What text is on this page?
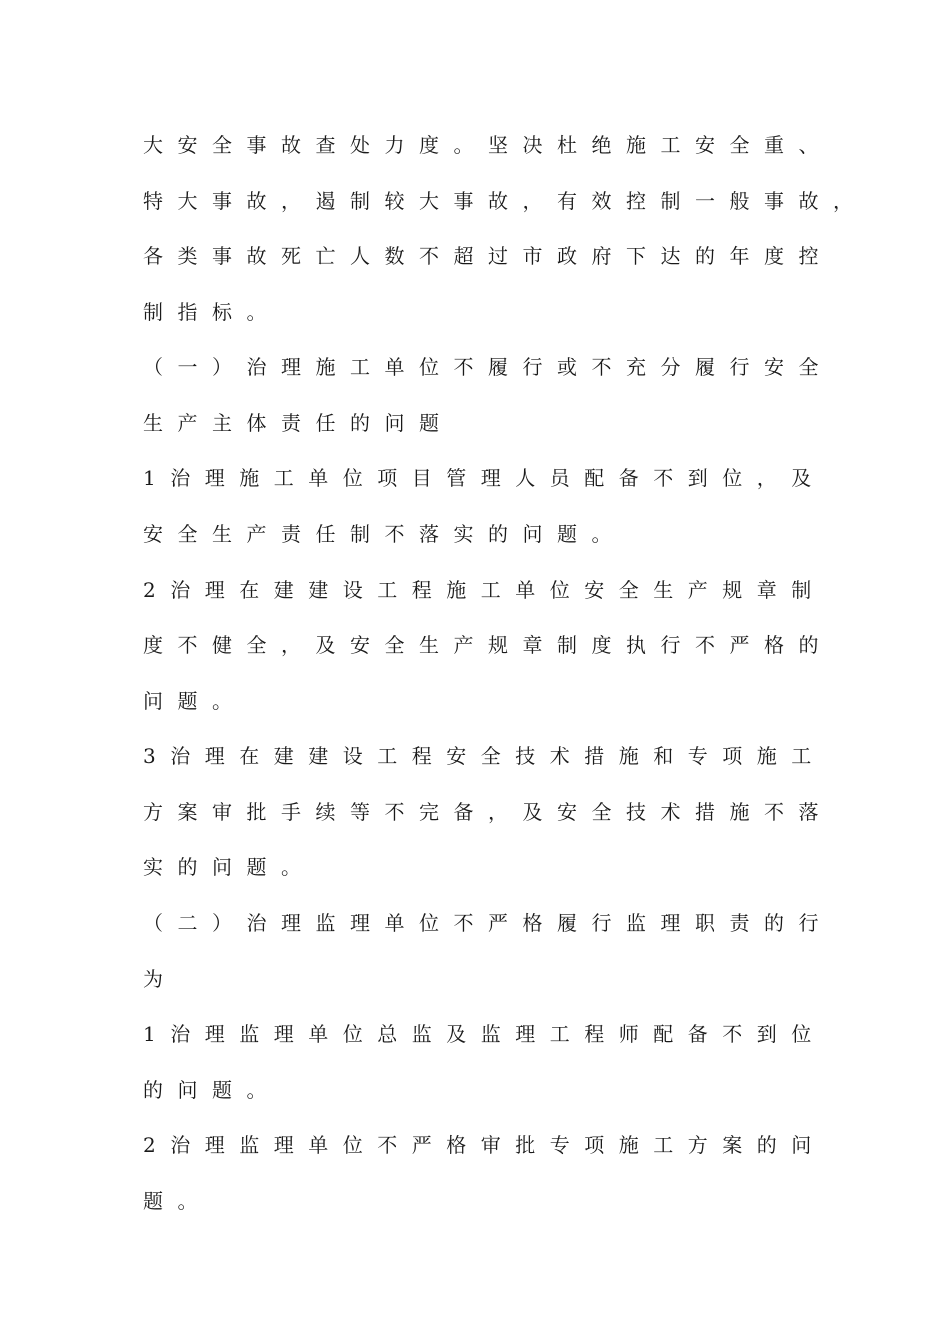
大安全事故查处力度。坚决杜绝施工安全重、
特大事故，遏制较大事故，有效控制一般事故，
各类事故死亡人数不超过市政府下达的年度控
制指标。
（一）治理施工单位不履行或不充分履行安全
生产主体责任的问题
1治理施工单位项目管理人员配备不到位，及
安全生产责任制不落实的问题。
2治理在建建设工程施工单位安全生产规章制
度不健全，及安全生产规章制度执行不严格的
问题。
3治理在建建设工程安全技术措施和专项施工
方案审批手续等不完备，及安全技术措施不落
实的问题。
（二）治理监理单位不严格履行监理职责的行
为
1治理监理单位总监及监理工程师配备不到位
的问题。
2治理监理单位不严格审批专项施工方案的问
题。
